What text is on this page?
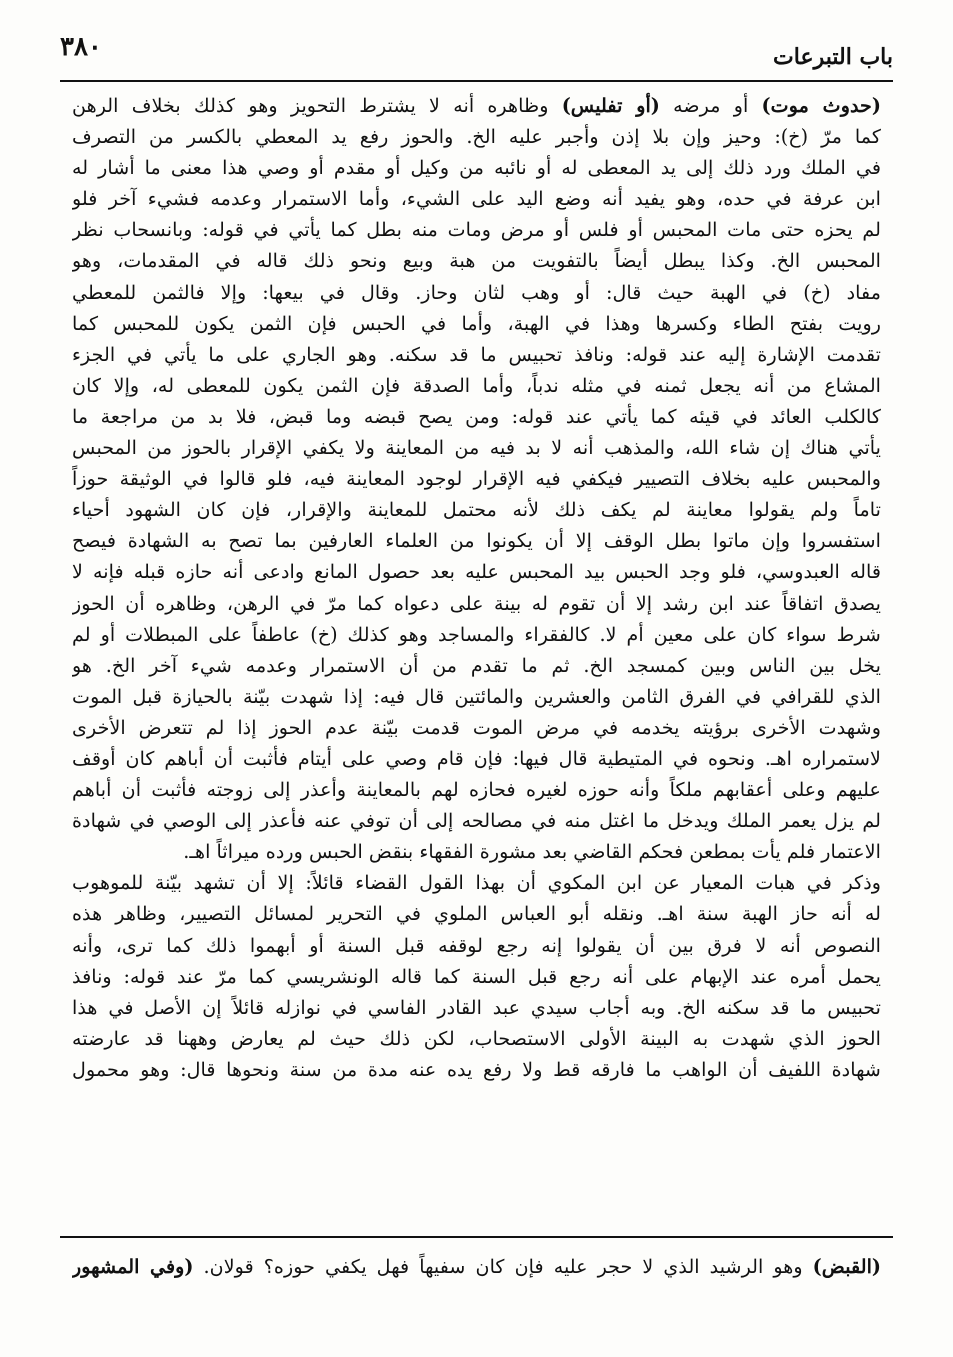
٣٨٠	باب التبرعات
(حدوث موت) أو مرضه (أو تفليس) وظاهره أنه لا يشترط التحويز وهو كذلك بخلاف الرهن
كما مرّ (خ): وحيز وإن بلا إذن وأجبر عليه الخ. والحوز رفع يد المعطي بالكسر من التصرف
في الملك ورد ذلك إلى يد المعطى له أو نائبه من وكيل أو مقدم أو وصي هذا معنى ما أشار له
ابن عرفة في حده، وهو يفيد أنه وضع اليد على الشيء، وأما الاستمرار وعدمه فشيء آخر فلو
لم يحزه حتى مات المحبس أو فلس أو مرض ومات منه بطل كما يأتي في قوله: وبانسحاب نظر
المحبس الخ. وكذا يبطل أيضاً بالتفويت من هبة وبيع ونحو ذلك قاله في المقدمات، وهو
مفاد (خ) في الهبة حيث قال: أو وهب لثان وحاز. وقال في بيعها: وإلا فالثمن للمعطي
رويت بفتح الطاء وكسرها وهذا في الهبة، وأما في الحبس فإن الثمن يكون للمحبس كما
تقدمت الإشارة إليه عند قوله: ونافذ تحبيس ما قد سكنه. وهو الجاري على ما يأتي في الجزء
المشاع من أنه يجعل ثمنه في مثله ندباً، وأما الصدقة فإن الثمن يكون للمعطى له، وإلا كان
كالكلب العائد في قيئه كما يأتي عند قوله: ومن يصح قبضه وما قبض، فلا بد من مراجعة ما
يأتي هناك إن شاء الله، والمذهب أنه لا بد فيه من المعاينة ولا يكفي الإقرار بالحوز من المحبس
والمحبس عليه بخلاف التصيير فيكفي فيه الإقرار لوجود المعاينة فيه، فلو قالوا في الوثيقة حوزاً
تاماً ولم يقولوا معاينة لم يكف ذلك لأنه محتمل للمعاينة والإقرار، فإن كان الشهود أحياء
استفسروا وإن ماتوا بطل الوقف إلا أن يكونوا من العلماء العارفين بما تصح به الشهادة فيصح
قاله العبدوسي، فلو وجد الحبس بيد المحبس عليه بعد حصول المانع وادعى أنه حازه قبله فإنه لا
يصدق اتفاقاً عند ابن رشد إلا أن تقوم له بينة على دعواه كما مرّ في الرهن، وظاهره أن الحوز
شرط سواء كان على معين أم لا. كالفقراء والمساجد وهو كذلك (خ) عاطفاً على المبطلات أو لم
يخل بين الناس وبين كمسجد الخ. ثم ما تقدم من أن الاستمرار وعدمه شيء آخر الخ. هو
الذي للقرافي في الفرق الثامن والعشرين والمائتين قال فيه: إذا شهدت بيّنة بالحيازة قبل الموت
وشهدت الأخرى برؤيته يخدمه في مرض الموت قدمت بيّنة عدم الحوز إذا لم تتعرض الأخرى
لاستمراره اهـ. ونحوه في المتيطية قال فيها: فإن قام وصي على أيتام فأثبت أن أباهم كان أوقف
عليهم وعلى أعقابهم ملكاً وأنه حوزه لغيره فحازه لهم بالمعاينة وأعذر إلى زوجته فأثبت أن أباهم
لم يزل يعمر الملك ويدخل ما اغتل منه في مصالحه إلى أن توفي عنه فأعذر إلى الوصي في شهادة
الاعتمار فلم يأت بمطعن فحكم القاضي بعد مشورة الفقهاء بنقض الحبس ورده ميراثاً اهـ.
وذكر في هبات المعيار عن ابن المكوي أن بهذا القول القضاء قائلاً: إلا أن تشهد بيّنة للموهوب
له أنه حاز الهبة سنة اهـ. ونقله أبو العباس الملوي في التحرير لمسائل التصيير، وظاهر هذه
النصوص أنه لا فرق بين أن يقولوا إنه رجع لوقفه قبل السنة أو أبهموا ذلك كما ترى، وأنه
يحمل أمره عند الإبهام على أنه رجع قبل السنة كما قاله الونشريسي كما مرّ عند قوله: ونافذ
تحبيس ما قد سكنه الخ. وبه أجاب سيدي عبد القادر الفاسي في نوازله قائلاً إن الأصل في هذا
الحوز الذي شهدت به البينة الأولى الاستصحاب، لكن ذلك حيث لم يعارض وههنا قد عارضته
شهادة اللفيف أن الواهب ما فارقه قط ولا رفع يده عنه مدة من سنة ونحوها قال: وهو محمول
(القبض) وهو الرشيد الذي لا حجر عليه فإن كان سفيهاً فهل يكفي حوزه؟ قولان. (وفي المشهور
